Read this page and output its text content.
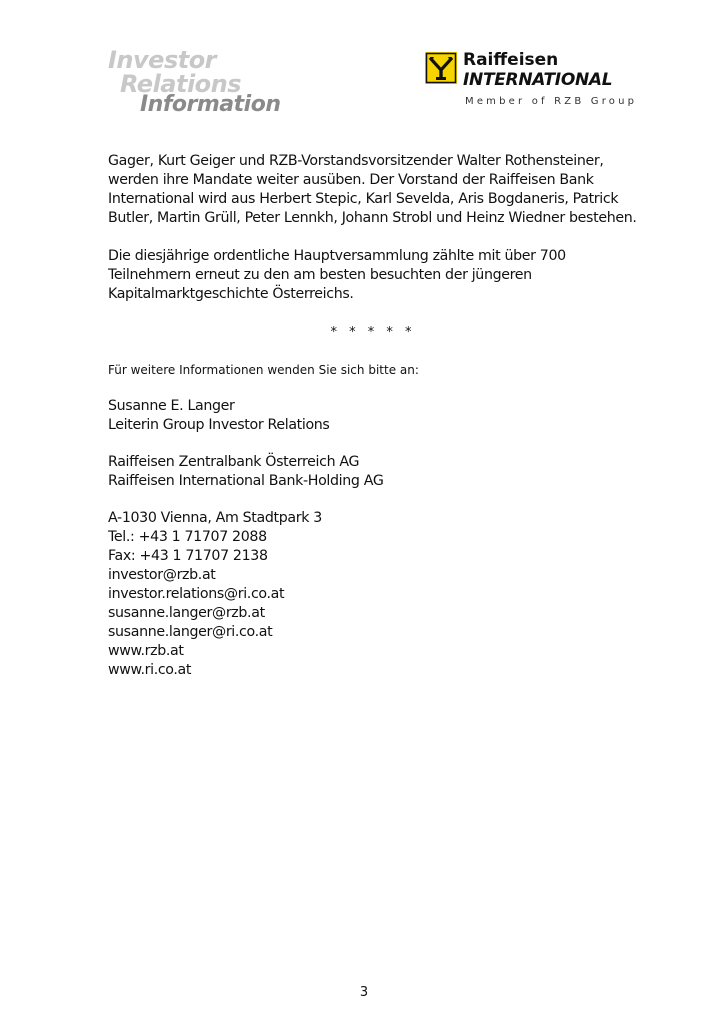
Investor
Relations
Information
Raiffeisen
INTERNATIONAL
Member of RZB Group

Gager, Kurt Geiger und RZB-Vorstandsvorsitzender Walter Rothensteiner,
werden ihre Mandate weiter ausüben. Der Vorstand der Raiffeisen Bank
International wird aus Herbert Stepic, Karl Sevelda, Aris Bogdaneris, Patrick
Butler, Martin Grüll, Peter Lennkh, Johann Strobl und Heinz Wiedner bestehen.

Die diesjährige ordentliche Hauptversammlung zählte mit über 700
Teilnehmern erneut zu den am besten besuchten der jüngeren
Kapitalmarktgeschichte Österreichs.

* * * * *
Für weitere Informationen wenden Sie sich bitte an:
Susanne E. Langer
Leiterin Group Investor Relations
Raiffeisen Zentralbank Österreich AG
Raiffeisen International Bank-Holding AG
A-1030 Vienna, Am Stadtpark 3
Tel.: +43 1 71707 2088
Fax: +43 1 71707 2138
investor@rzb.at
investor.relations@ri.co.at
susanne.langer@rzb.at
susanne.langer@ri.co.at
www.rzb.at
www.ri.co.at
3
